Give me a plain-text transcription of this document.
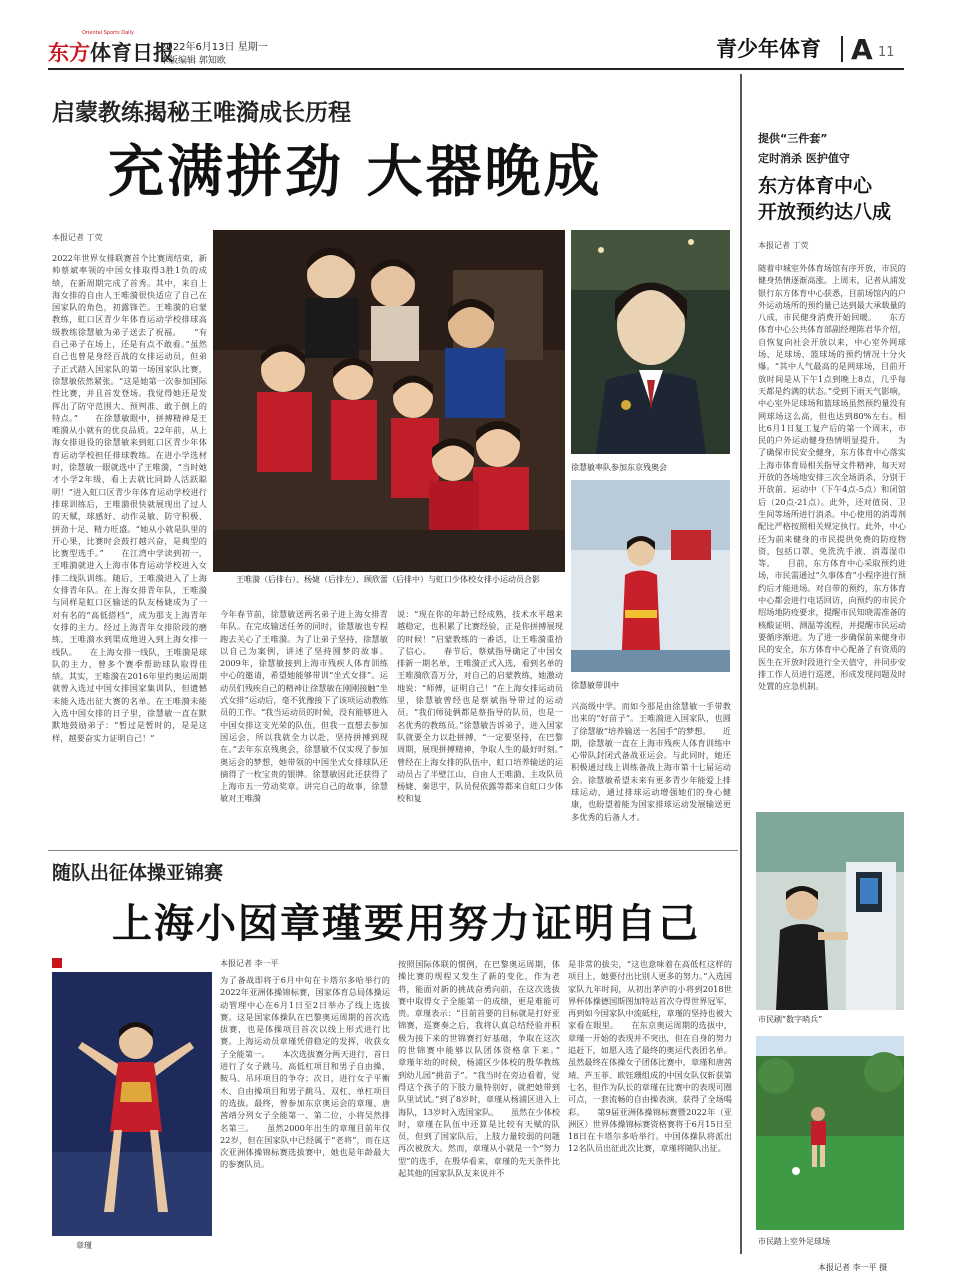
东方体育日报
Oriental Sports Daily
2022年6月13日 星期一
本版编辑 郭知欧	青少年体育 A 11
启蒙教练揭秘王唯漪成长历程
充满拼劲 大器晚成
本报记者 丁荧
2022年世界女排联赛首个比赛周结束，新帅蔡斌率领的中国女排取得3胜1负的成绩，在新周期完成了首秀。其中，来自上海女排的自由人王唯漪很快适应了自己在国家队的角色，初露锋芒。王唯漪的启蒙教练，虹口区青少年体育运动学校排球高级教练徐慧敏为弟子送去了祝福。　　“有自己弟子在场上，还是有点不敢看。”虽然自己也曾是身经百战的女排运动员，但弟子正式踏入国家队的第一场国家队比赛，徐慧敏依然紧张。“这是她第一次参加国际性比赛，并且首发登场。我觉得她还是发挥出了防守范围大、预判准、敢于倒上的特点。”　　在徐慧敏眼中，拼搏精神是王唯漪从小就有的优良品质。22年前，从上海女排退役的徐慧敏来到虹口区青少年体育运动学校担任排球教练。在进小学选材时，徐慧敏一眼就选中了王唯漪，“当时她才小学2年级，看上去就比同龄人活跃聪明！”进入虹口区青少年体育运动学校进行排球训练后，王唯漪很快就展现出了过人的天赋，球感好、动作灵敏、防守积极、拼劲十足、精力旺盛。“她从小就是队里的开心果，比赛时会鼓打越兴奋，是典型的比赛型选手。”　　在江湾中学读到初一，王唯漪就进入上海市体育运动学校进入女排二线队训练。随后，王唯漪进入了上海女排青年队。在上海女排青年队，王唯漪与同样是虹口区输送的队友杨婕成为了一对有名的“高低搭档”，成为那支上海青年女排的主力。经过上海青年女排阶段的磨练，王唯漪水到渠成地进入到上海女排一线队。　　在上海女排一线队，王唯漪是球队的主力，曾多个赛季帮助球队取得佳绩。其实，王唯漪在2016年里约奥运周期就曾入选过中国女排国家集训队，但遗憾未能入选出征大赛的名单。在王唯漪未能入选中国女排的日子里，徐慧敏一直在默默地鼓励弟子：“暂过是暂时的，是是这样，越要奋实力证明自己！”
王唯漪（后排右）、杨婕（后排左）、顾欣蕾（后排中）与虹口少体校女排小运动员合影
今年春节前，徐慧敏送两名弟子进上海女排青年队。在完成输送任务的同时，徐慧敏也专程跑去关心了王唯漪。为了让弟子坚持，徐慧敏以自己为案例，讲述了坚持圆梦的故事。2009年，徐慧敏接到上海市残疾人体育训练中心的邀请，希望她能够带训“坐式女排”。运动员们残疾自己的精神让徐慧敏在刚刚接触“坐式女排”运动后，毫不犹豫接下了该项运动教练员的工作。“我当运动员的时候，没有能够进入中国女排这支光荣的队伍，但我一直想去参加国运会，所以我就全力以赴，坚持拼搏到现在。”去年东京残奥会，徐慧敏不仅实现了参加奥运会的梦想，她带领的中国坐式女排球队还摘得了一枚宝贵的银牌。徐慧敏因此还获得了上海市五一劳动奖章。讲完自己的故事，徐慧敏对王唯漪
说：“现在你的年龄已经成熟，技术水平越来越稳定，也积累了比赛经验，正是你拼搏展现的时候！”启蒙教练的一番话，让王唯漪重拾了信心。　　春节后，蔡斌指导确定了中国女排新一期名单，王唯漪正式入选，看到名单的王唯漪欣喜万分，对自己的启蒙教练，她激动地说：“师傅，证明自己！”在上海女排运动员里，徐慧敏曾经也是蔡斌指导带过的运动员。“我们师徒俩都是蔡指导的队员，也是一名优秀的教练员。”徐慧敏告诉弟子，进入国家队就要全力以赴拼搏，“一定要坚持，在巴黎周期，展现拼搏精神，争取人生的最好时刻。”　　曾经在上海女排的队伍中，虹口培养输送的运动员占了半壁江山，自由人王唯漪、主攻队员杨婕、秦思宇，队员倪依露等都来自虹口少体校和复
徐慧敏率队参加东京残奥会
徐慧敏带训中
兴高级中学。而如今那是由徐慧敏一手带教出来的“好苗子”。王唯漪进入国家队，也圆了徐慧敏“培养输送一名国手”的梦想。　　近期，徐慧敏一直在上海市残疾人体育训练中心带队封闭式备战亚运会。与此同时，她还积极通过线上训练备战上海市第十七届运动会。徐慧敏希望未来有更多青少年能爱上排球运动，通过排球运动增强她们的身心健康，也盼望着能为国家排球运动发展输送更多优秀的后备人才。
随队出征体操亚锦赛
上海小囡章瑾要用努力证明自己
章瑾
本报记者 李一平
为了备战即将于6月中旬在卡塔尔多哈举行的2022年亚洲体操锦标赛，国家体育总局体操运动管理中心在6月1日至2日举办了线上选拔赛。这是国家体操队在巴黎奥运周期的首次选拔赛，也是体操项目首次以线上形式进行比赛。上海运动员章瑾凭借稳定的发挥，收获女子全能第一。　　本次选拔赛分两天进行，首日进行了女子跳马、高低杠项目和男子自由操、鞍马、吊环项目的争夺；次日，进行女子平衡木、自由操项目和男子跳马、双杠、单杠项目的选拔。最终，曾参加东京奥运会的章瑾、唐茜靖分列女子全能第一、第二位，小将吴然排名第三。　　虽然2000年出生的章瑾目前年仅22岁，但在国家队中已经属于“老将”，而在这次亚洲体操锦标赛选拔赛中，她也是年龄最大的参赛队员。
按照国际体联的惯例，在巴黎奥运周期，体操比赛的规程又发生了新的变化，作为老将，能面对新的挑战奋勇向前，在这次选拔赛中取得女子全能第一的成绩，更是难能可贵。章瑾表示：“目前首要的目标就是打好亚锦赛，巡赛奏之后，我将认真总结经验并积极为接下来的世锦赛打好基础，争取在这次的世锦赛中能够以队团体资格拿下来。”　　章瑾年幼的时候，杨浦区少体校的殷华教练到幼儿园“挑苗子”。“我当时在旁边看着，觉得这个孩子的下肢力量特别好，就把她带到队里试试。”到了8岁时，章瑾从杨浦区进入上海队，13岁时入选国家队。　　虽然在少体校时，章瑾在队伍中还算是比较有天赋的队员，但到了国家队后，上肢力量较弱的问题再次被放大。然而，章瑾从小就是一个“努力型”的选手，在殷华看来，章瑾的先天条件比起其他的国家队队友来说并不
是非常的拔尖，“这也意味着在高低杠这样的项目上，她要付出比别人更多的努力。”入选国家队九年时间，从初出茅庐的小将到2018世界杯体操德国斯图加特站首次夺得世界冠军，再到如今国家队中流砥柱，章瑾的坚持也被大家看在眼里。　　在东京奥运周期的选拔中，章瑾一开始的表现并不突出，但在自身的努力追赶下，如愿入选了最终的奥运代表团名单。虽然最终在体操女子团体比赛中，章瑾和唐茜靖、芦玉菲、欧钰珊组成的中国女队仅斩获第七名，但作为队长的章瑾在比赛中的表现可圈可点，一套流畅的自由操表演，获得了全场喝彩。　　第9届亚洲体操锦标赛暨2022年（亚洲区）世界体操锦标赛资格赛将于6月15日至18日在卡塔尔多哈举行。中国体操队将派出12名队员出征此次比赛，章瑾将随队出征。
提供“三件套”
定时消杀 医护值守
东方体育中心
开放预约达八成
本报记者 丁荧
随着申城室外体育场馆有序开放，市民的健身热情逐渐高涨。上周末，记者从浦发银行东方体育中心获悉，目前场馆内的户外运动场所的预约量已达到最大承载量的八成，市民健身消费开始回暖。　　东方体育中心公共体育部副经理陈君华介绍，自恢复向社会开放以来，中心室外网球场、足球场、篮球场的预约情况十分火爆。“其中人气最高的是网球场，目前开放时间是从下午1点到晚上8点，几乎每天都是约满的状态。”受到下雨天气影响，中心室外足球场和篮球场虽然预约量没有网球场这么高，但也达到80%左右。相比6月1日复工复产后的第一个周末，市民的户外运动健身热情明显提升。　　为了确保市民安全健身，东方体育中心落实上海市体育局相关指导文件精神，每天对开放的各场地安排三次全场消杀，分别于开放前、运动中（下午4点-5点）和闭馆后（20点-21点）。此外，还对值岗、卫生间等场所进行消杀。中心使用的消毒剂配比严格按照相关规定执行。此外，中心还为前来健身的市民提供免费的防疫物资，包括口罩、免洗洗手液、消毒湿巾等。　　目前，东方体育中心采取预约进场，市民需通过“久事体育”小程序进行预约后才能进场。对自带的预约，东方体育中心都会进行电话回访，向预约的市民介绍场地防疫要求，提醒市民知晓需准备的核酸证明、测温等流程，并提醒市民运动要循序渐进。为了进一步确保前来健身市民的安全，东方体育中心配备了有资质的医生在开放时段进行全天值守，并同步安排工作人员进行巡逻，形成发现问题及时处置的应急机制。
市民刷“数字哨兵”
市民踏上室外足球场
本报记者 李一平 摄
